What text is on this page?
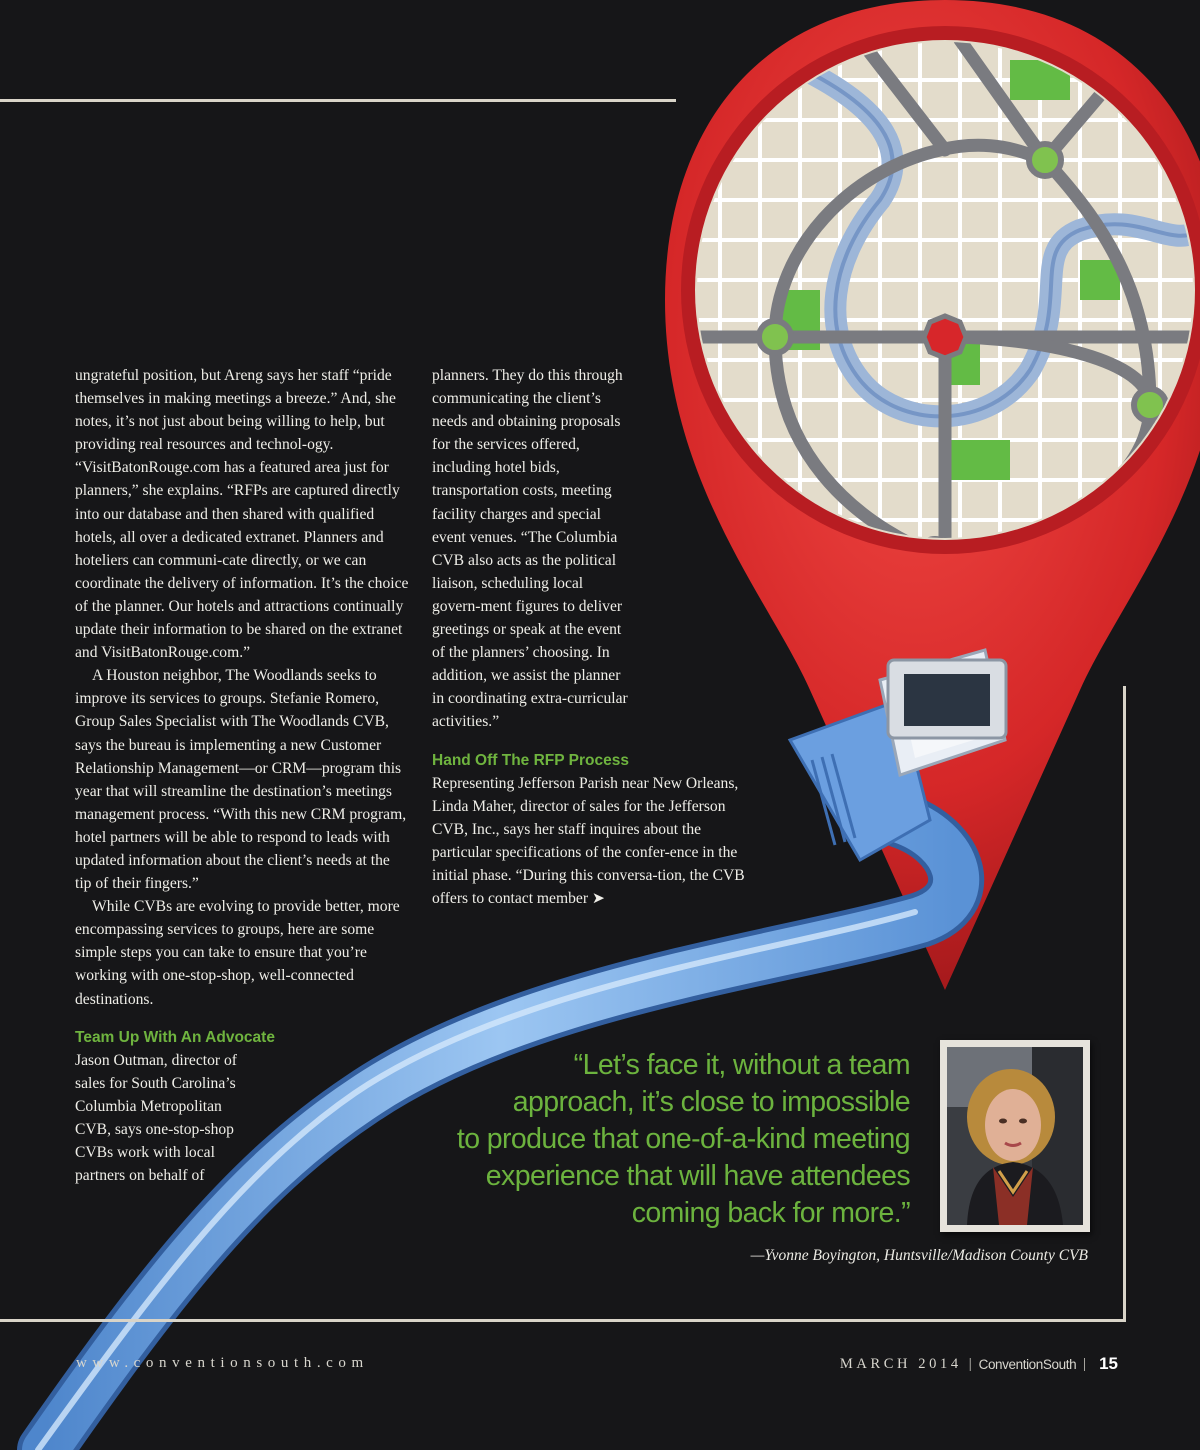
ungrateful position, but Areng says her staff “pride themselves in making meetings a breeze.” And, she notes, it’s not just about being willing to help, but providing real resources and technol-ogy. “VisitBatonRouge.com has a featured area just for planners,” she explains. “RFPs are captured directly into our database and then shared with qualified hotels, all over a dedicated extranet. Planners and hoteliers can communi-cate directly, or we can coordinate the delivery of information. It’s the choice of the planner. Our hotels and attractions continually update their information to be shared on the extranet and VisitBatonRouge.com.”

A Houston neighbor, The Woodlands seeks to improve its services to groups. Stefanie Romero, Group Sales Specialist with The Woodlands CVB, says the bureau is implementing a new Customer Relationship Management—or CRM—program this year that will streamline the destination’s meetings management process. “With this new CRM program, hotel partners will be able to respond to leads with updated information about the client’s needs at the tip of their fingers.”

While CVBs are evolving to provide better, more encompassing services to groups, here are some simple steps you can take to ensure that you’re working with one-stop-shop, well-connected destinations.

Team Up With An Advocate

Jason Outman, director of sales for South Carolina’s Columbia Metropolitan CVB, says one-stop-shop CVBs work with local partners on behalf of

planners. They do this through communicating the client’s needs and obtaining proposals for the services offered, including hotel bids, transportation costs, meeting facility charges and special event venues. “The Columbia CVB also acts as the political liaison, scheduling local govern-ment figures to deliver greetings or speak at the event of the planners’ choosing. In addition, we assist the planner in coordinating extra-curricular activities.”

Hand Off The RFP Process

Representing Jefferson Parish near New Orleans, Linda Maher, director of sales for the Jefferson CVB, Inc., says her staff inquires about the particular specifications of the confer-ence in the initial phase. “During this conversa-tion, the CVB offers to contact member ➤

“Let’s face it, without a team
approach, it’s close to impossible
to produce that one-of-a-kind meeting
experience that will have attendees
coming back for more.”
—Yvonne Boyington, Huntsville/Madison County CVB
www.conventionsouth.com	MARCH 2014 | ConventionSouth | 15
